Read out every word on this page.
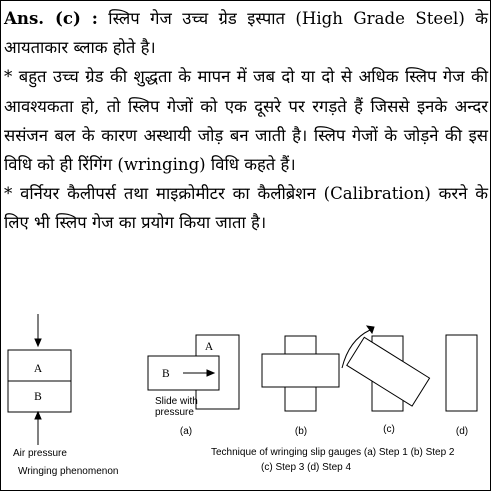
Ans. (c) : स्लिप गेज उच्च ग्रेड इस्पात (High Grade Steel) के आयताकार ब्लाक होते है।

* बहुत उच्च ग्रेड की शुद्धता के मापन में जब दो या दो से अधिक स्लिप गेज की आवश्यकता हो, तो स्लिप गेजों को एक दूसरे पर रगड़ते हैं जिससे इनके अन्दर ससंजन बल के कारण अस्थायी जोड़ बन जाती है। स्लिप गेजों के जोड़ने की इस विधि को ही रिंगिंग (wringing) विधि कहते हैं।

* वर्नियर कैलीपर्स तथा माइक्रोमीटर का कैलीब्रेशन (Calibration) करने के लिए भी स्लिप गेज का प्रयोग किया जाता है।

A
B
Air pressure
Wringing phenomenon
A
B
Slide with
pressure
(a)	(b)	(c)	(d)
Technique of wringing slip gauges (a) Step 1 (b) Step 2
(c) Step 3 (d) Step 4
